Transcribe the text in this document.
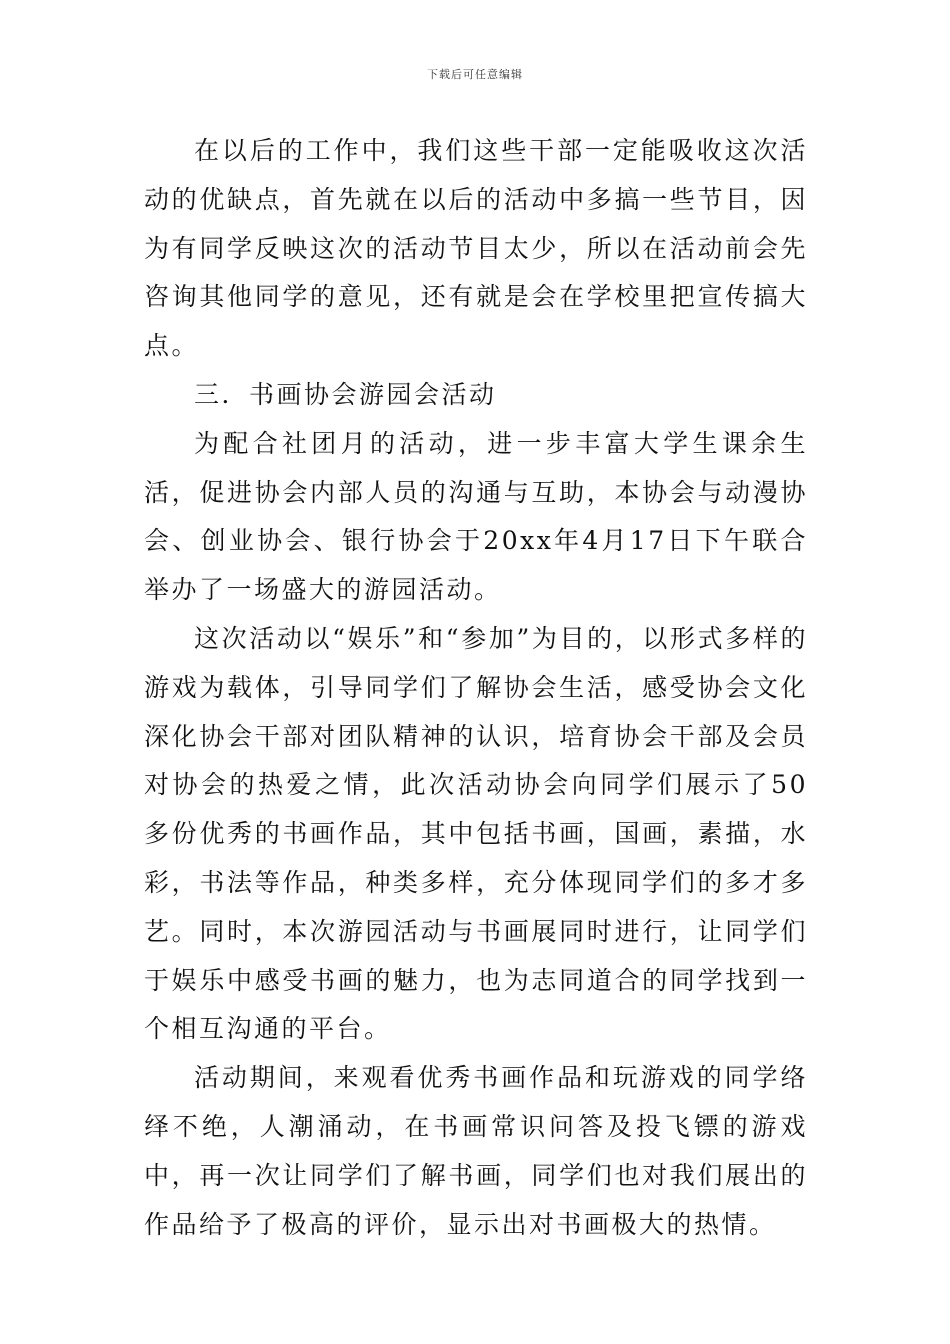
下载后可任意编辑

在以后的工作中，我们这些干部一定能吸收这次活动的优缺点，首先就在以后的活动中多搞一些节目，因为有同学反映这次的活动节目太少，所以在活动前会先咨询其他同学的意见，还有就是会在学校里把宣传搞大点。

三．书画协会游园会活动

为配合社团月的活动，进一步丰富大学生课余生活，促进协会内部人员的沟通与互助，本协会与动漫协会、创业协会、银行协会于20xx年4月17日下午联合举办了一场盛大的游园活动。

这次活动以“娱乐”和“参加”为目的，以形式多样的游戏为载体，引导同学们了解协会生活，感受协会文化深化协会干部对团队精神的认识，培育协会干部及会员对协会的热爱之情，此次活动协会向同学们展示了50多份优秀的书画作品，其中包括书画，国画，素描，水彩，书法等作品，种类多样，充分体现同学们的多才多艺。同时，本次游园活动与书画展同时进行，让同学们于娱乐中感受书画的魅力，也为志同道合的同学找到一个相互沟通的平台。

活动期间，来观看优秀书画作品和玩游戏的同学络绎不绝，人潮涌动，在书画常识问答及投飞镖的游戏中，再一次让同学们了解书画，同学们也对我们展出的作品给予了极高的评价，显示出对书画极大的热情。
